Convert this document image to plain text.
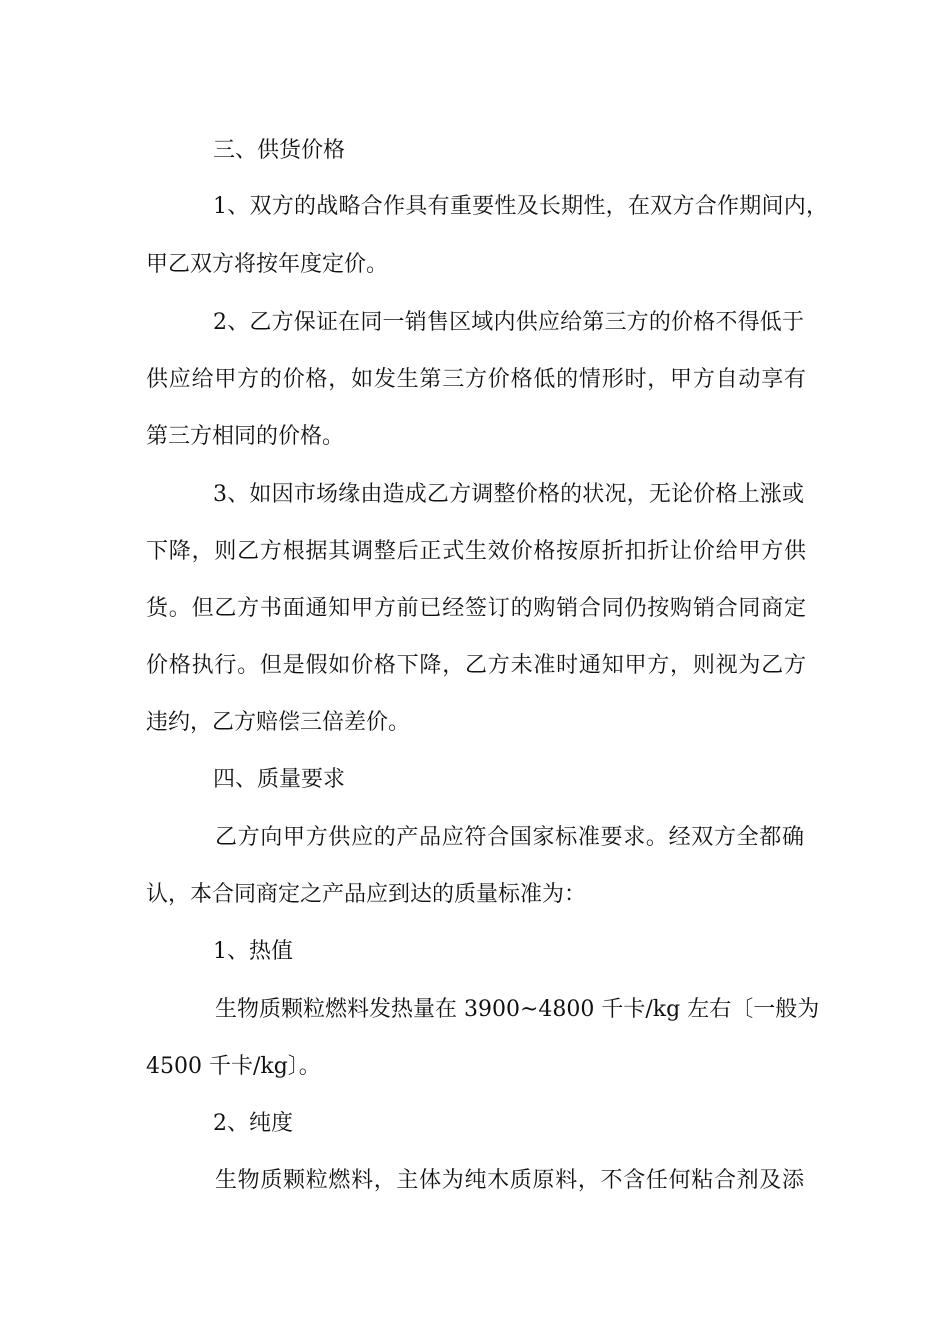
三、供货价格
1、双方的战略合作具有重要性及长期性，在双方合作期间内，
甲乙双方将按年度定价。
2、乙方保证在同一销售区域内供应给第三方的价格不得低于
供应给甲方的价格，如发生第三方价格低的情形时，甲方自动享有
第三方相同的价格。
3、如因市场缘由造成乙方调整价格的状况，无论价格上涨或
下降，则乙方根据其调整后正式生效价格按原折扣折让价给甲方供
货。但乙方书面通知甲方前已经签订的购销合同仍按购销合同商定
价格执行。但是假如价格下降，乙方未准时通知甲方，则视为乙方
违约，乙方赔偿三倍差价。
四、质量要求
乙方向甲方供应的产品应符合国家标准要求。经双方全都确
认，本合同商定之产品应到达的质量标准为：
1、热值
生物质颗粒燃料发热量在 3900~4800 千卡/kg 左右〔一般为
4500 千卡/kg〕。
2、纯度
生物质颗粒燃料，主体为纯木质原料，不含任何粘合剂及添
